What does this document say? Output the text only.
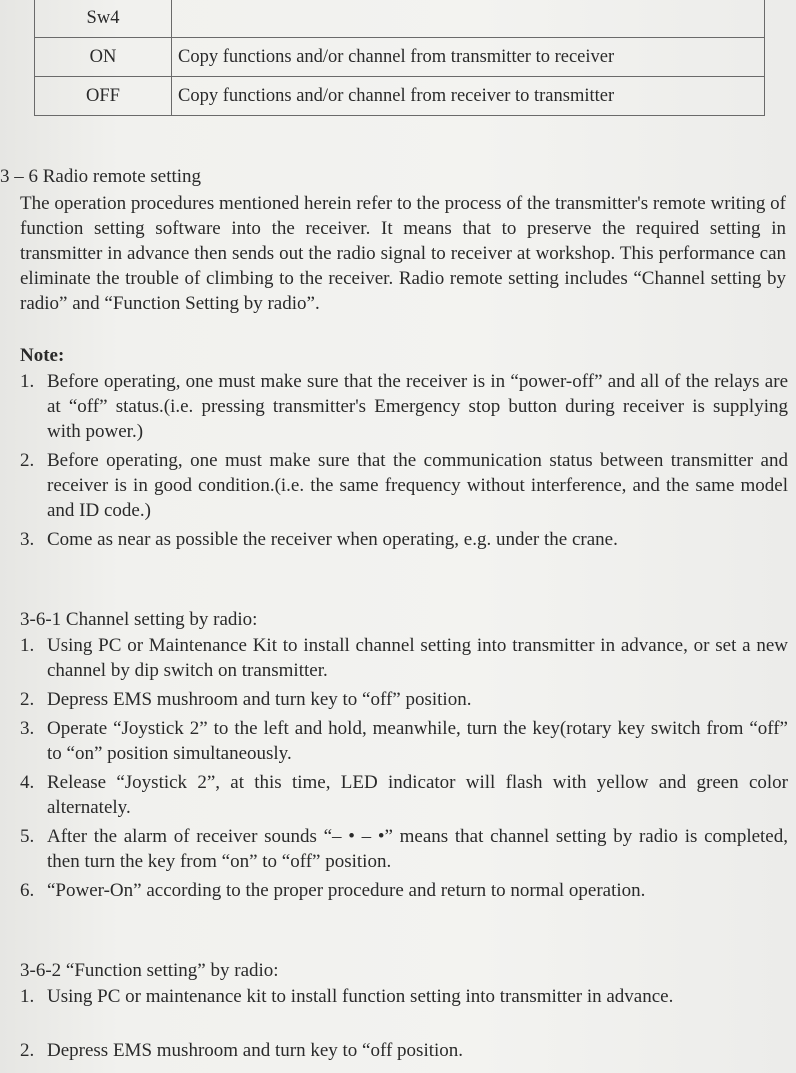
Sw4	
ON	Copy functions and/or channel from transmitter to receiver
OFF	Copy functions and/or channel from receiver to transmitter
3 – 6 Radio remote setting
The operation procedures mentioned herein refer to the process of the transmitter's remote writing of function setting software into the receiver. It means that to preserve the required setting in transmitter in advance then sends out the radio signal to receiver at workshop. This performance can eliminate the trouble of climbing to the receiver. Radio remote setting includes “Channel setting by radio” and “Function Setting by radio”.
Note:
1. Before operating, one must make sure that the receiver is in “power-off” and all of the relays are at “off” status.(i.e. pressing transmitter's Emergency stop button during receiver is supplying with power.)
2. Before operating, one must make sure that the communication status between transmitter and receiver is in good condition.(i.e. the same frequency without interference, and the same model and ID code.)
3. Come as near as possible the receiver when operating, e.g. under the crane.
3-6-1 Channel setting by radio:
1. Using PC or Maintenance Kit to install channel setting into transmitter in advance, or set a new channel by dip switch on transmitter.
2. Depress EMS mushroom and turn key to “off” position.
3. Operate “Joystick 2” to the left and hold, meanwhile, turn the key(rotary key switch from “off” to “on” position simultaneously.
4. Release “Joystick 2”, at this time, LED indicator will flash with yellow and green color alternately.
5. After the alarm of receiver sounds “– • – •” means that channel setting by radio is completed, then turn the key from “on” to “off” position.
6. “Power-On” according to the proper procedure and return to normal operation.
3-6-2 “Function setting” by radio:
1. Using PC or maintenance kit to install function setting into transmitter in advance.
2. Depress EMS mushroom and turn key to “off position.
